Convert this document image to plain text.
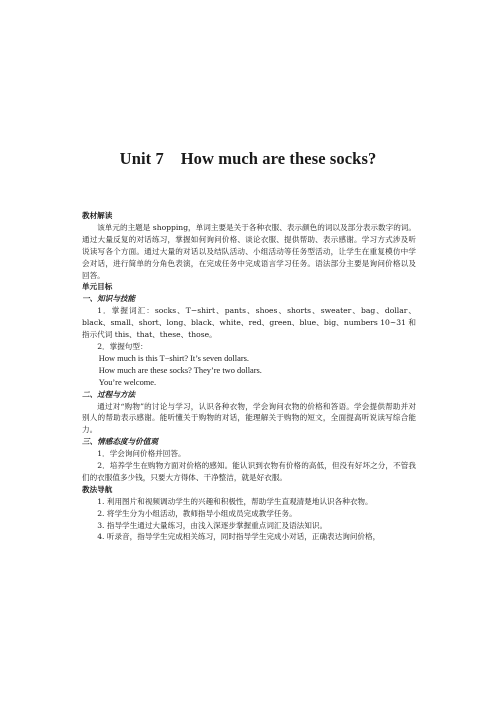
Unit 7    How much are these socks?

教材解读

该单元的主题是 shopping，单词主要是关于各种衣服、表示颜色的词以及部分表示数字的词。通过大量反复的对话练习，掌握如何询问价格、谈论衣服、提供帮助、表示感谢。学习方式涉及听说读写各个方面。通过大量的对话以及结队活动、小组活动等任务型活动，让学生在重复模仿中学会对话，进行简单的分角色表演，在完成任务中完成语言学习任务。语法部分主要是询问价格以及回答。

单元目标

一、知识与技能

1．掌握词汇：socks、T−shirt、pants、shoes、shorts、sweater、bag、dollar、black、small、short、long、black、white、red、green、blue、big、numbers 10~31 和指示代词 this、that、these、those。

2．掌握句型：

How much is this T−shirt? It’s seven dollars.

How much are these socks? They’re two dollars.

You’re welcome.

二、过程与方法

通过对“购物”的讨论与学习，认识各种衣物，学会询问衣物的价格和答语。学会提供帮助并对别人的帮助表示感谢。能听懂关于购物的对话，能理解关于购物的短文，全面提高听说读写综合能力。

三、情感态度与价值观

1．学会询问价格并回答。

2．培养学生在购物方面对价格的感知。能认识到衣物有价格的高低，但没有好坏之分，不管我们的衣服值多少钱，只要大方得体、干净整洁，就是好衣服。

教法导航

1. 利用图片和视频调动学生的兴趣和积极性，帮助学生直观清楚地认识各种衣物。

2. 将学生分为小组活动，教师指导小组成员完成教学任务。

3. 指导学生通过大量练习，由浅入深逐步掌握重点词汇及语法知识。

4. 听录音，指导学生完成相关练习，同时指导学生完成小对话，正确表达询问价格，
